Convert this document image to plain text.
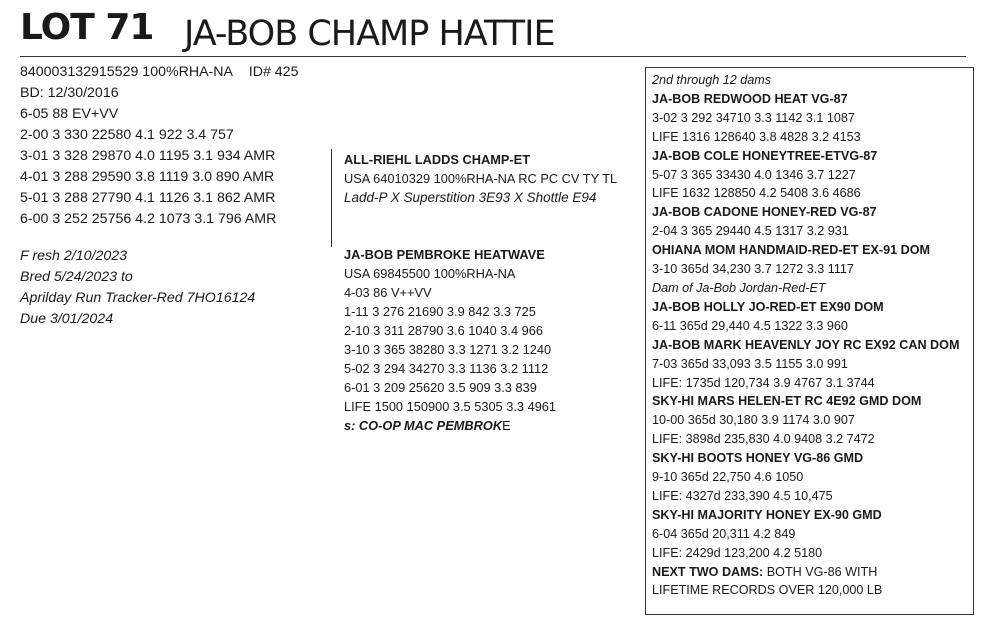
LOT 71 JA-BOB CHAMP HATTIE
840003132915529 100%RHA-NA ID# 425
BD: 12/30/2016
6-05 88 EV+VV
2-00 3 330 22580 4.1 922 3.4 757
3-01 3 328 29870 4.0 1195 3.1 934 AMR
4-01 3 288 29590 3.8 1119 3.0 890 AMR
5-01 3 288 27790 4.1 1126 3.1 862 AMR
6-00 3 252 25756 4.2 1073 3.1 796 AMR
F resh 2/10/2023
Bred 5/24/2023 to
Aprilday Run Tracker-Red 7HO16124
Due 3/01/2024
ALL-RIEHL LADDS CHAMP-ET
USA 64010329 100%RHA-NA RC PC CV TY TL
Ladd-P X Superstition 3E93 X Shottle E94
JA-BOB PEMBROKE HEATWAVE
USA 69845500 100%RHA-NA
4-03 86 V++VV
1-11 3 276 21690 3.9 842 3.3 725
2-10 3 311 28790 3.6 1040 3.4 966
3-10 3 365 38280 3.3 1271 3.2 1240
5-02 3 294 34270 3.3 1136 3.2 1112
6-01 3 209 25620 3.5 909 3.3 839
LIFE 1500 150900 3.5 5305 3.3 4961
s: CO-OP MAC PEMBROKE
2nd through 12 dams
JA-BOB REDWOOD HEAT VG-87
3-02 3 292 34710 3.3 1142 3.1 1087
LIFE 1316 128640 3.8 4828 3.2 4153
JA-BOB COLE HONEYTREE-ETVG-87
5-07 3 365 33430 4.0 1346 3.7 1227
LIFE 1632 128850 4.2 5408 3.6 4686
JA-BOB CADONE HONEY-RED VG-87
2-04 3 365 29440 4.5 1317 3.2 931
OHIANA MOM HANDMAID-RED-ET EX-91 DOM
3-10 365d 34,230 3.7 1272 3.3 1117
Dam of Ja-Bob Jordan-Red-ET
JA-BOB HOLLY JO-RED-ET EX90 DOM
6-11 365d 29,440 4.5 1322 3.3 960
JA-BOB MARK HEAVENLY JOY RC EX92 CAN DOM
7-03 365d 33,093 3.5 1155 3.0 991
LIFE: 1735d 120,734 3.9 4767 3.1 3744
SKY-HI MARS HELEN-ET RC 4E92 GMD DOM
10-00 365d 30,180 3.9 1174 3.0 907
LIFE: 3898d 235,830 4.0 9408 3.2 7472
SKY-HI BOOTS HONEY VG-86 GMD
9-10 365d 22,750 4.6 1050
LIFE: 4327d 233,390 4.5 10,475
SKY-HI MAJORITY HONEY EX-90 GMD
6-04 365d 20,311 4.2 849
LIFE: 2429d 123,200 4.2 5180
NEXT TWO DAMS: BOTH VG-86 WITH
LIFETIME RECORDS OVER 120,000 LB
